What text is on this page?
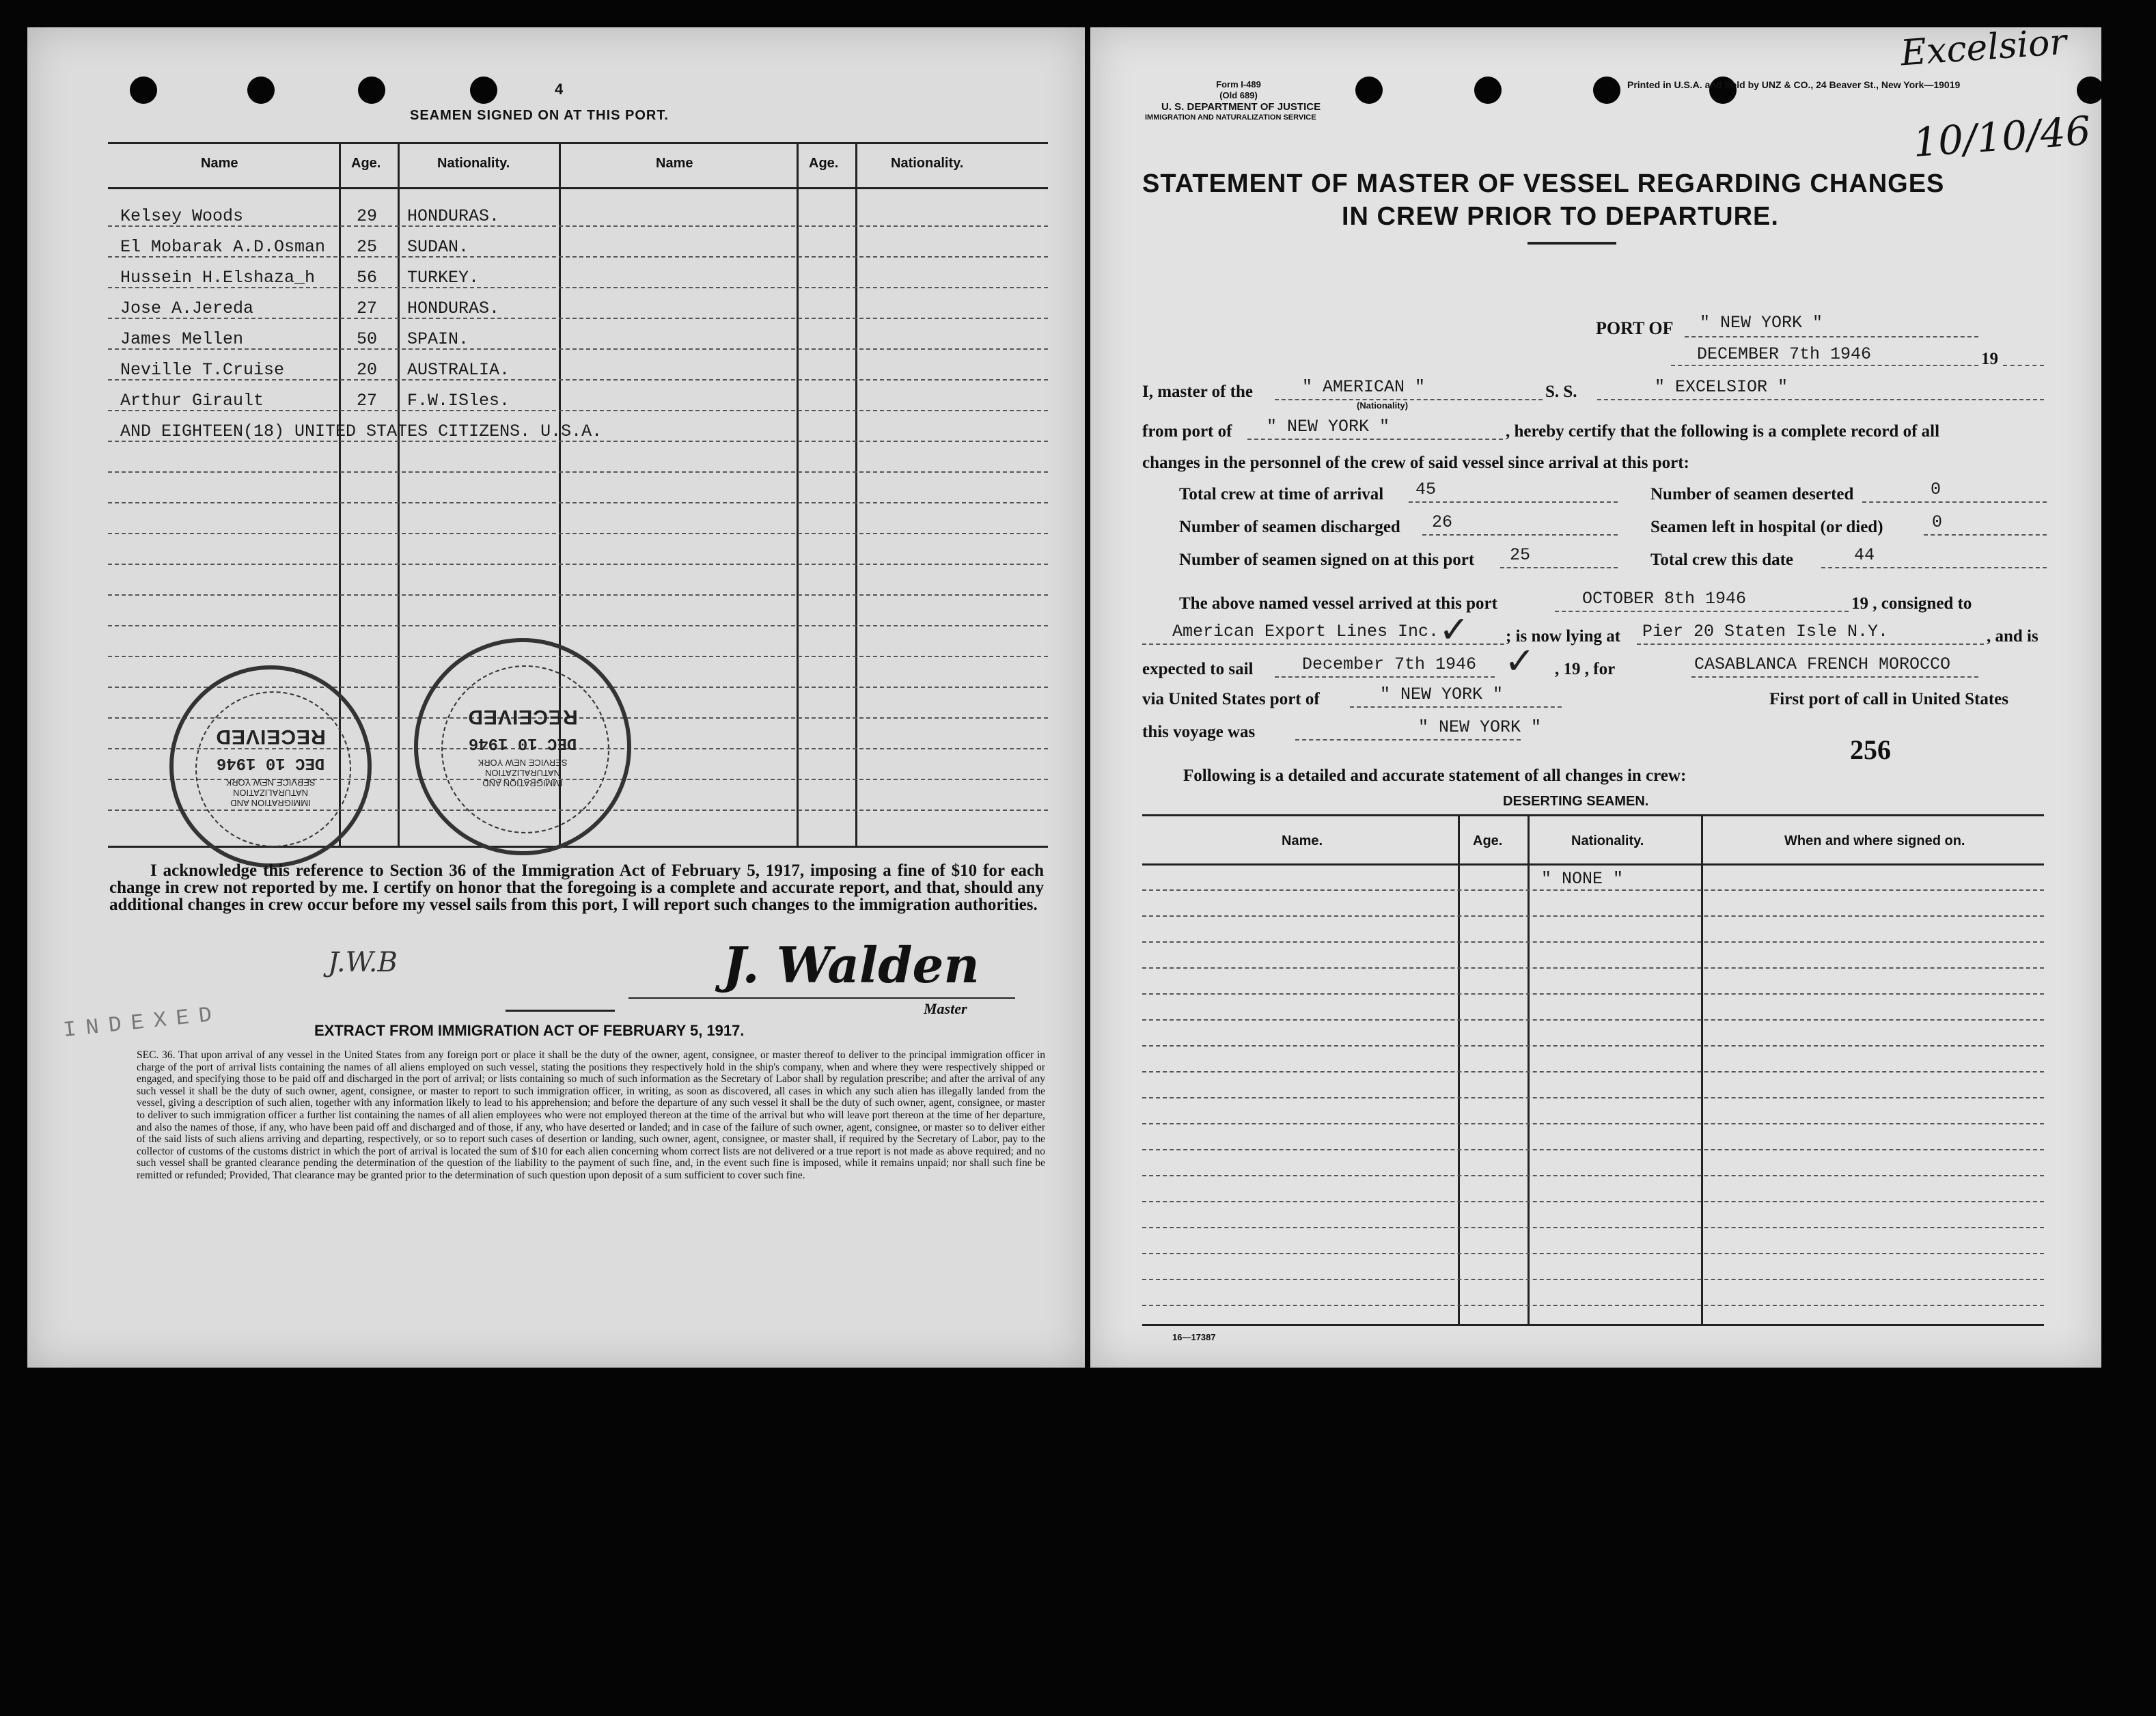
4
SEAMEN SIGNED ON AT THIS PORT.
Name	Age.	Nationality.	Name	Age.	Nationality.
Kelsey Woods	29 HONDURAS.
El Mobarak A.D.Osman 25 SUDAN.
Hussein H.Elshaza_h 56 TURKEY.
Jose A.Jereda	27 HONDURAS.
James Mellen	50 SPAIN.
Neville T.Cruise	20 AUSTRALIA.
Arthur Girault	27 F.W.ISles.
AND EIGHTEEN(18) UNITED STATES CITIZENS. U.S.A.
IMMIGRATION AND NATURALIZATION SERVICE NEW YORK
DEC 10 1946
RECEIVED
IMMIGRATION AND NATURALIZATION SERVICE NEW YORK
DEC 10 1946
RECEIVED
I acknowledge this reference to Section 36 of the Immigration Act of February 5, 1917, imposing a fine of $10 for each change in crew not reported by me. I certify on honor that the foregoing is a complete and accurate report, and that, should any additional changes in crew occur before my vessel sails from this port, I will report such changes to the immigration authorities.
J.W.B	J. Walden
Master
INDEXED	EXTRACT FROM IMMIGRATION ACT OF FEBRUARY 5, 1917.
SEC. 36. That upon arrival of any vessel in the United States from any foreign port or place it shall be the duty of the owner, agent, consignee, or master thereof to deliver to the principal immigration officer in charge of the port of arrival lists containing the names of all aliens employed on such vessel, stating the positions they respectively hold in the ship's company, when and where they were respectively shipped or engaged, and specifying those to be paid off and discharged in the port of arrival; or lists containing so much of such information as the Secretary of Labor shall by regulation prescribe; and after the arrival of any such vessel it shall be the duty of such owner, agent, consignee, or master to report to such immigration officer, in writing, as soon as discovered, all cases in which any such alien has illegally landed from the vessel, giving a description of such alien, together with any information likely to lead to his apprehension; and before the departure of any such vessel it shall be the duty of such owner, agent, consignee, or master to deliver to such immigration officer a further list containing the names of all alien employees who were not employed thereon at the time of the arrival but who will leave port thereon at the time of her departure, and also the names of those, if any, who have been paid off and discharged and of those, if any, who have deserted or landed; and in case of the failure of such owner, agent, consignee, or master so to deliver either of the said lists of such aliens arriving and departing, respectively, or so to report such cases of desertion or landing, such owner, agent, consignee, or master shall, if required by the Secretary of Labor, pay to the collector of customs of the customs district in which the port of arrival is located the sum of $10 for each alien concerning whom correct lists are not delivered or a true report is not made as above required; and no such vessel shall be granted clearance pending the determination of the question of the liability to the payment of such fine, and, in the event such fine is imposed, while it remains unpaid; nor shall such fine be remitted or refunded; Provided, That clearance may be granted prior to the determination of such question upon deposit of a sum sufficient to cover such fine.
Form I-489
(Old 689)
U. S. DEPARTMENT OF JUSTICE
IMMIGRATION AND NATURALIZATION SERVICE
Printed in U.S.A. and Sold by UNZ & CO., 24 Beaver St., New York—19019
Excelsior
10/10/46
STATEMENT OF MASTER OF VESSEL REGARDING CHANGES
IN CREW PRIOR TO DEPARTURE.
PORT OF " NEW YORK "
DECEMBER 7th 1946	19
I, master of the	" AMERICAN "
(Nationality)
S. S.	" EXCELSIOR "
from port of " NEW YORK "	, hereby certify that the following is a complete record of all
changes in the personnel of the crew of said vessel since arrival at this port:
Total crew at time of arrival 45	Number of seamen deserted	0
Number of seamen discharged 26	Seamen left in hospital (or died)	0
Number of seamen signed on at this port 25	Total crew this date	44
The above named vessel arrived at this port	OCTOBER 8th 1946	19 , consigned to
American Export Lines Inc. ✓ ; is now lying at Pier 20 Staten Isle N.Y.	, and is
expected to sail	December 7th 1946 ✓ , 19 , for	CASABLANCA FRENCH MOROCCO
via United States port of	" NEW YORK "	First port of call in United States
this voyage was	" NEW YORK "
256
Following is a detailed and accurate statement of all changes in crew:
DESERTING SEAMEN.
Name.	Age.	Nationality.	When and where signed on.
" NONE "
16—17387
